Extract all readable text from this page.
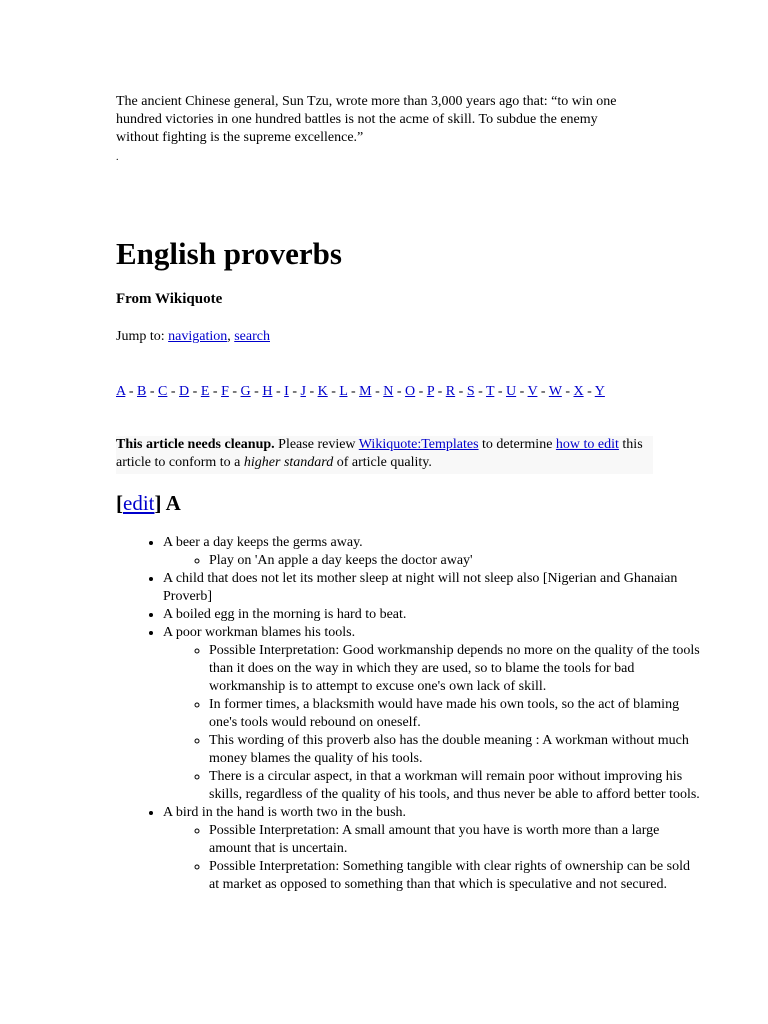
The ancient Chinese general, Sun Tzu, wrote more than 3,000 years ago that: “to win one hundred victories in one hundred battles is not the acme of skill. To subdue the enemy without fighting is the supreme excellence.”

.
English proverbs
From Wikiquote
Jump to: navigation, search
A - B - C - D - E - F - G - H - I - J - K - L - M - N - O - P - R - S - T - U - V - W - X - Y
This article needs cleanup. Please review Wikiquote:Templates to determine how to edit this article to conform to a higher standard of article quality.
[edit] A
• A beer a day keeps the germs away.
◦ Play on 'An apple a day keeps the doctor away'
• A child that does not let its mother sleep at night will not sleep also [Nigerian and Ghanaian Proverb]
• A boiled egg in the morning is hard to beat.
• A poor workman blames his tools.
◦ Possible Interpretation: Good workmanship depends no more on the quality of the tools than it does on the way in which they are used, so to blame the tools for bad workmanship is to attempt to excuse one's own lack of skill.
◦ In former times, a blacksmith would have made his own tools, so the act of blaming one's tools would rebound on oneself.
◦ This wording of this proverb also has the double meaning : A workman without much money blames the quality of his tools.
◦ There is a circular aspect, in that a workman will remain poor without improving his skills, regardless of the quality of his tools, and thus never be able to afford better tools.
• A bird in the hand is worth two in the bush.
◦ Possible Interpretation: A small amount that you have is worth more than a large amount that is uncertain.
◦ Possible Interpretation: Something tangible with clear rights of ownership can be sold at market as opposed to something than that which is speculative and not secured.
